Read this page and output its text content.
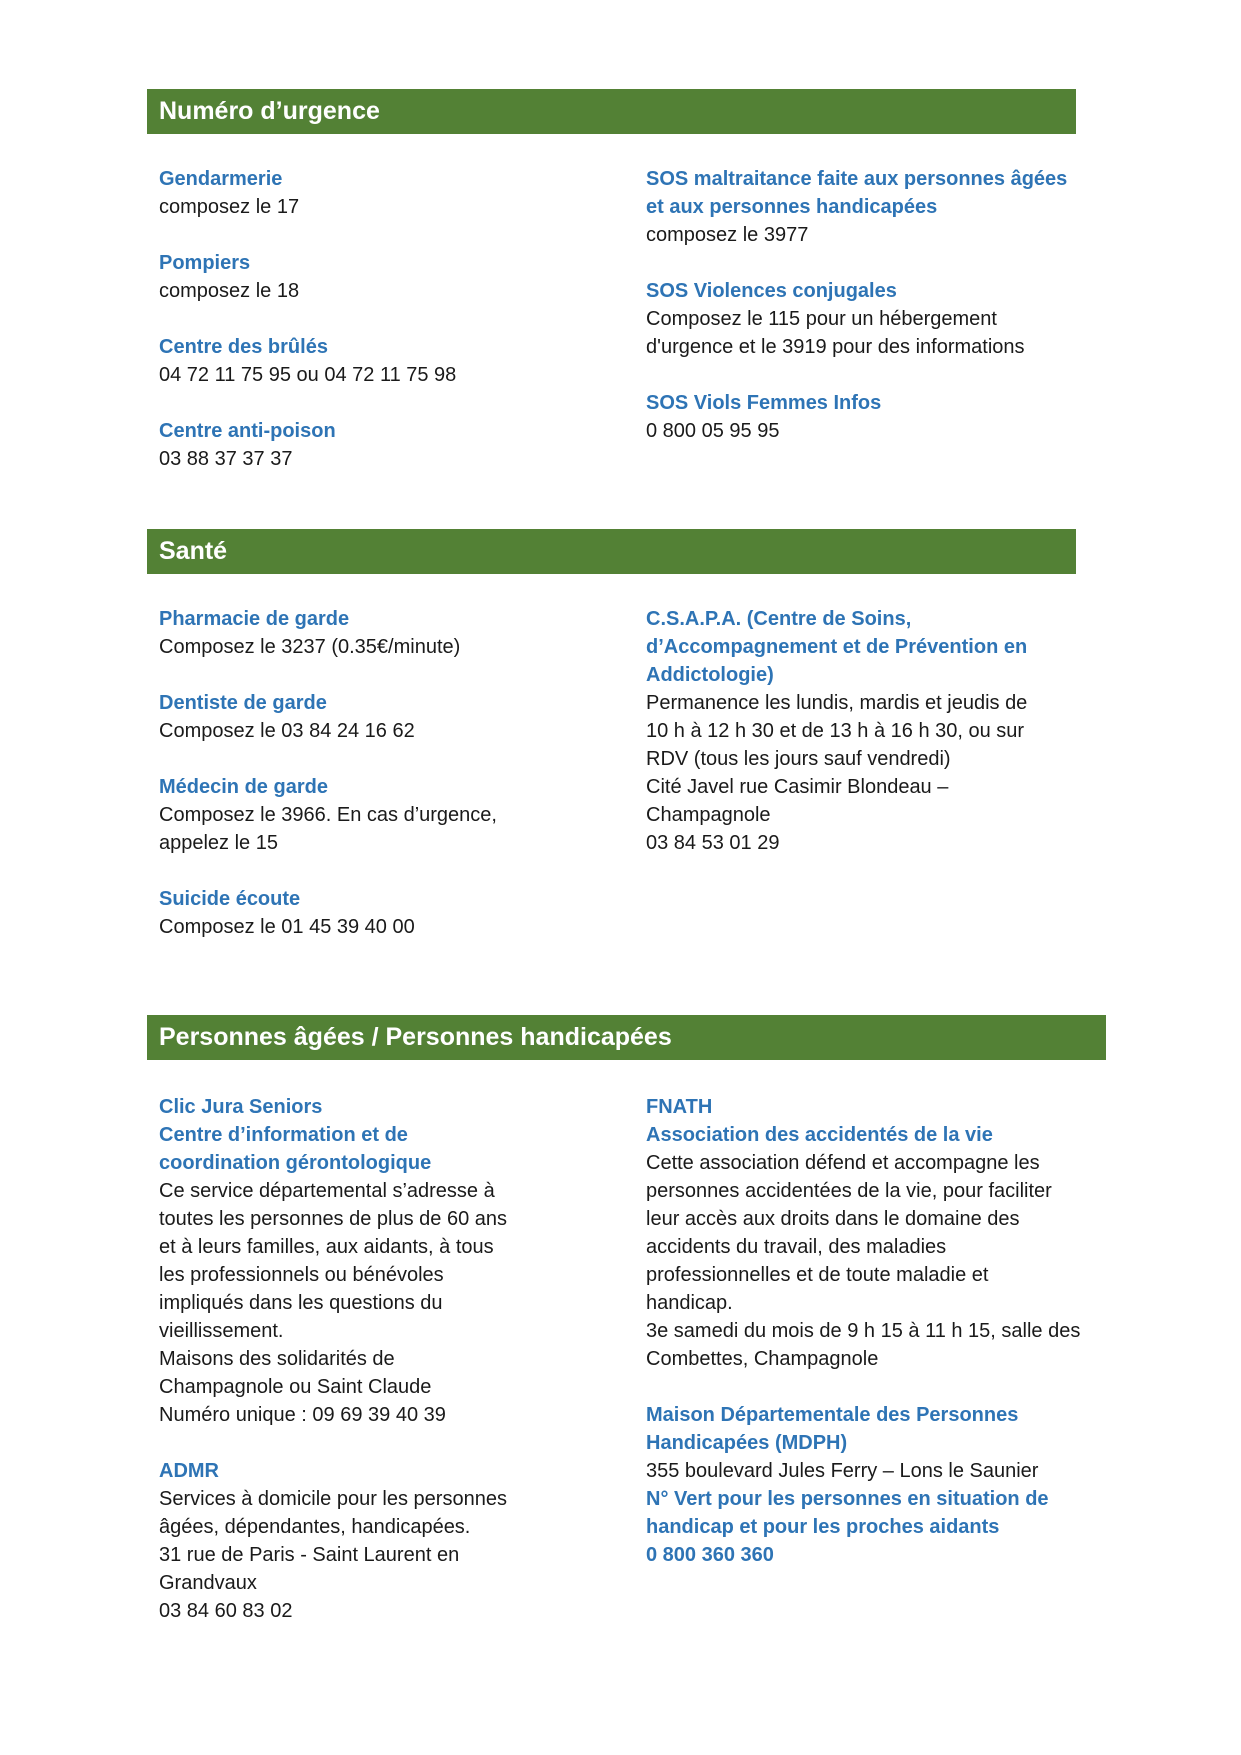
Numéro d’urgence
Gendarmerie
composez le 17
Pompiers
composez le 18
Centre des brûlés
04 72 11 75 95 ou 04 72 11 75 98
Centre anti-poison
03 88 37 37 37
SOS maltraitance faite aux personnes âgées
et aux personnes handicapées
composez le 3977
SOS Violences conjugales
Composez le 115 pour un hébergement
d'urgence et le 3919 pour des informations
SOS Viols Femmes Infos
0 800 05 95 95
Santé
Pharmacie de garde
Composez le 3237 (0.35€/minute)
Dentiste de garde
Composez le 03 84 24 16 62
Médecin de garde
Composez le 3966. En cas d’urgence,
appelez le 15
Suicide écoute
Composez le 01 45 39 40 00
C.S.A.P.A. (Centre de Soins,
d’Accompagnement et de Prévention en
Addictologie)
Permanence les lundis, mardis et jeudis de
10 h à 12 h 30 et de 13 h à 16 h 30, ou sur
RDV (tous les jours sauf vendredi)
Cité Javel rue Casimir Blondeau –
Champagnole
03 84 53 01 29
Personnes âgées / Personnes handicapées
Clic Jura Seniors
Centre d’information et de
coordination gérontologique
Ce service départemental s’adresse à
toutes les personnes de plus de 60 ans
et à leurs familles, aux aidants, à tous
les professionnels ou bénévoles
impliqués dans les questions du
vieillissement.
Maisons des solidarités de
Champagnole ou Saint Claude
Numéro unique : 09 69 39 40 39
ADMR
Services à domicile pour les personnes
âgées, dépendantes, handicapées.
31 rue de Paris - Saint Laurent en
Grandvaux
03 84 60 83 02
FNATH
Association des accidentés de la vie
Cette association défend et accompagne les
personnes accidentées de la vie, pour faciliter
leur accès aux droits dans le domaine des
accidents du travail, des maladies
professionnelles et de toute maladie et
handicap.
3e samedi du mois de 9 h 15 à 11 h 15, salle des
Combettes, Champagnole
Maison Départementale des Personnes
Handicapées (MDPH)
355 boulevard Jules Ferry – Lons le Saunier
N° Vert pour les personnes en situation de
handicap et pour les proches aidants
0 800 360 360
